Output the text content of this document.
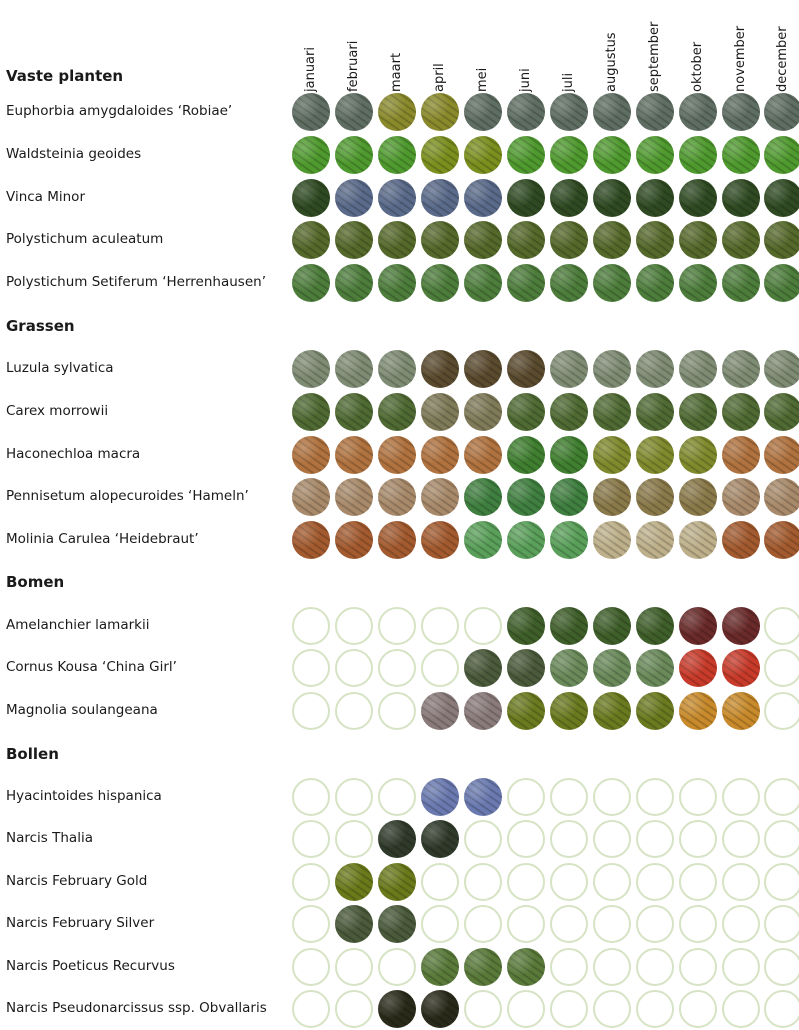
januari februari maart april mei juni juli augustus september oktober november december
Vaste planten
Euphorbia amygdaloides ‘Robiae’
Waldsteinia geoides
Vinca Minor
Polystichum aculeatum
Polystichum Setiferum ‘Herrenhausen’
Grassen
Luzula sylvatica
Carex morrowii
Haconechloa macra
Pennisetum alopecuroides ‘Hameln’
Molinia Carulea ‘Heidebraut’
Bomen
Amelanchier lamarkii
Cornus Kousa ‘China Girl’
Magnolia soulangeana
Bollen
Hyacintoides hispanica
Narcis Thalia
Narcis February Gold
Narcis February Silver
Narcis Poeticus Recurvus
Narcis Pseudonarcissus ssp. Obvallaris
